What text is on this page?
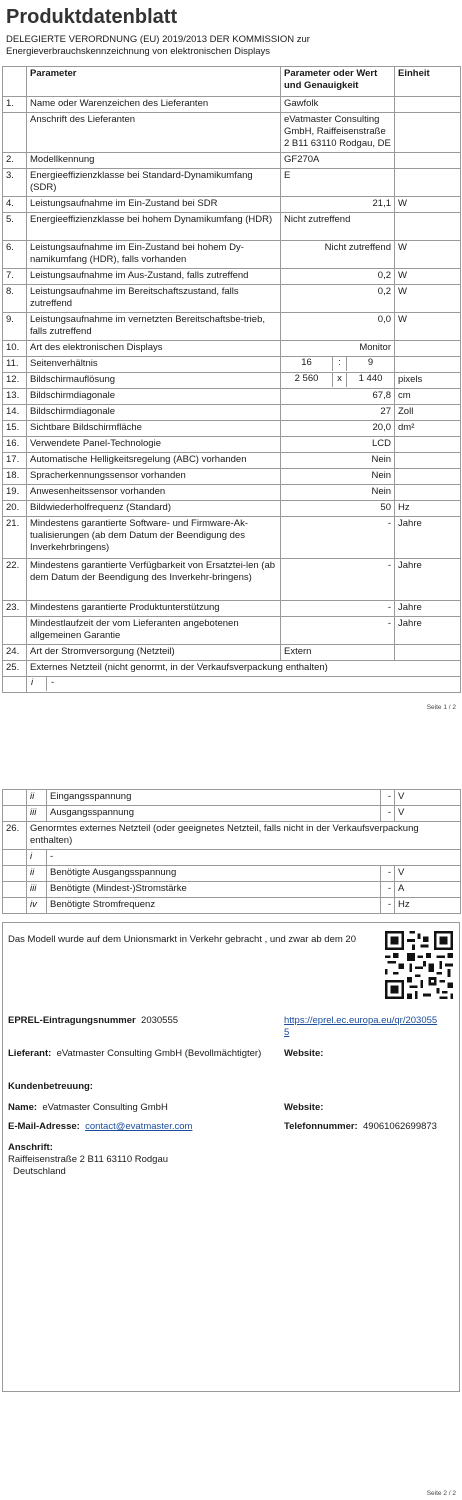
Produktdatenblatt
DELEGIERTE VERORDNUNG (EU) 2019/2013 DER KOMMISSION zur Energieverbrauchskennzeichnung von elektronischen Displays
	Parameter	Parameter oder Wert und Genauigkeit	Einheit
1.	Name oder Warenzeichen des Lieferanten	Gawfolk	
	Anschrift des Lieferanten	eVatmaster Consulting GmbH, Raiffeisenstraße 2 B11 63110 Rodgau, DE	
2.	Modellkennung	GF270A	
3.	Energieeffizienzklasse bei Standard-Dynamikumfang (SDR)	E	
4.	Leistungsaufnahme im Ein-Zustand bei SDR	21,1	W
5.	Energieeffizienzklasse bei hohem Dynamikumfang (HDR)	Nicht zutreffend	
6.	Leistungsaufnahme im Ein-Zustand bei hohem Dy-namikumfang (HDR), falls vorhanden	Nicht zutreffend	W
7.	Leistungsaufnahme im Aus-Zustand, falls zutreffend	0,2	W
8.	Leistungsaufnahme im Bereitschaftszustand, falls zutreffend	0,2	W
9.	Leistungsaufnahme im vernetzten Bereitschaftsbe-trieb, falls zutreffend	0,0	W
10.	Art des elektronischen Displays	Monitor	
11.	Seitenverhältnis	16 : 9	

12.	Bildschirmauflösung	2 560 x 1 440	pixels
13.	Bildschirmdiagonale	67,8	cm
14.	Bildschirmdiagonale	27	Zoll
15.	Sichtbare Bildschirmfläche	20,0	dm²
16.	Verwendete Panel-Technologie	LCD	
17.	Automatische Helligkeitsregelung (ABC) vorhanden	Nein	
18.	Spracherkennungssensor vorhanden	Nein	
19.	Anwesenheitssensor vorhanden	Nein	
20.	Bildwiederholfrequenz (Standard)	50	Hz
21.	Mindestens garantierte Software- und Firmware-Ak-tualisierungen (ab dem Datum der Beendigung des Inverkehrbringens)	-	Jahre
22.	Mindestens garantierte Verfügbarkeit von Ersatztei-len (ab dem Datum der Beendigung des Inverkehr-bringens)	-	Jahre
23.	Mindestens garantierte Produktunterstützung	-	Jahre
	Mindestlaufzeit der vom Lieferanten angebotenen allgemeinen Garantie	-	Jahre
24.	Art der Stromversorgung (Netzteil)	Extern	
25.	Externes Netzteil (nicht genormt, in der Verkaufsverpackung enthalten)		

	i -		
Seite 1 / 2
	ii	Eingangsspannung	-	V
	iii	Ausgangsspannung	-	V
26.	Genormtes externes Netzteil (oder geeignetes Netzteil, falls nicht in der Verkaufsverpackung enthalten)			
	i	-		
	ii	Benötigte Ausgangsspannung	-	V
	iii	Benötigte (Mindest-)Stromstärke	-	A
	iv	Benötigte Stromfrequenz	-	Hz
Das Modell wurde auf dem Unionsmarkt in Verkehr gebracht , und zwar ab dem 20
EPREL-Eintragungsnummer 2030555	https://eprel.ec.europa.eu/qr/2030555
Lieferant: eVatmaster Consulting GmbH (Bevollmächtigter)	Website:
Kundenbetreuung:
Name: eVatmaster Consulting GmbH	Website:
E-Mail-Adresse: contact@evatmaster.com	Telefonnummer: 49061062699873
Anschrift:
Raiffeisenstraße 2 B11 63110 Rodgau
Deutschland
Seite 2 / 2
